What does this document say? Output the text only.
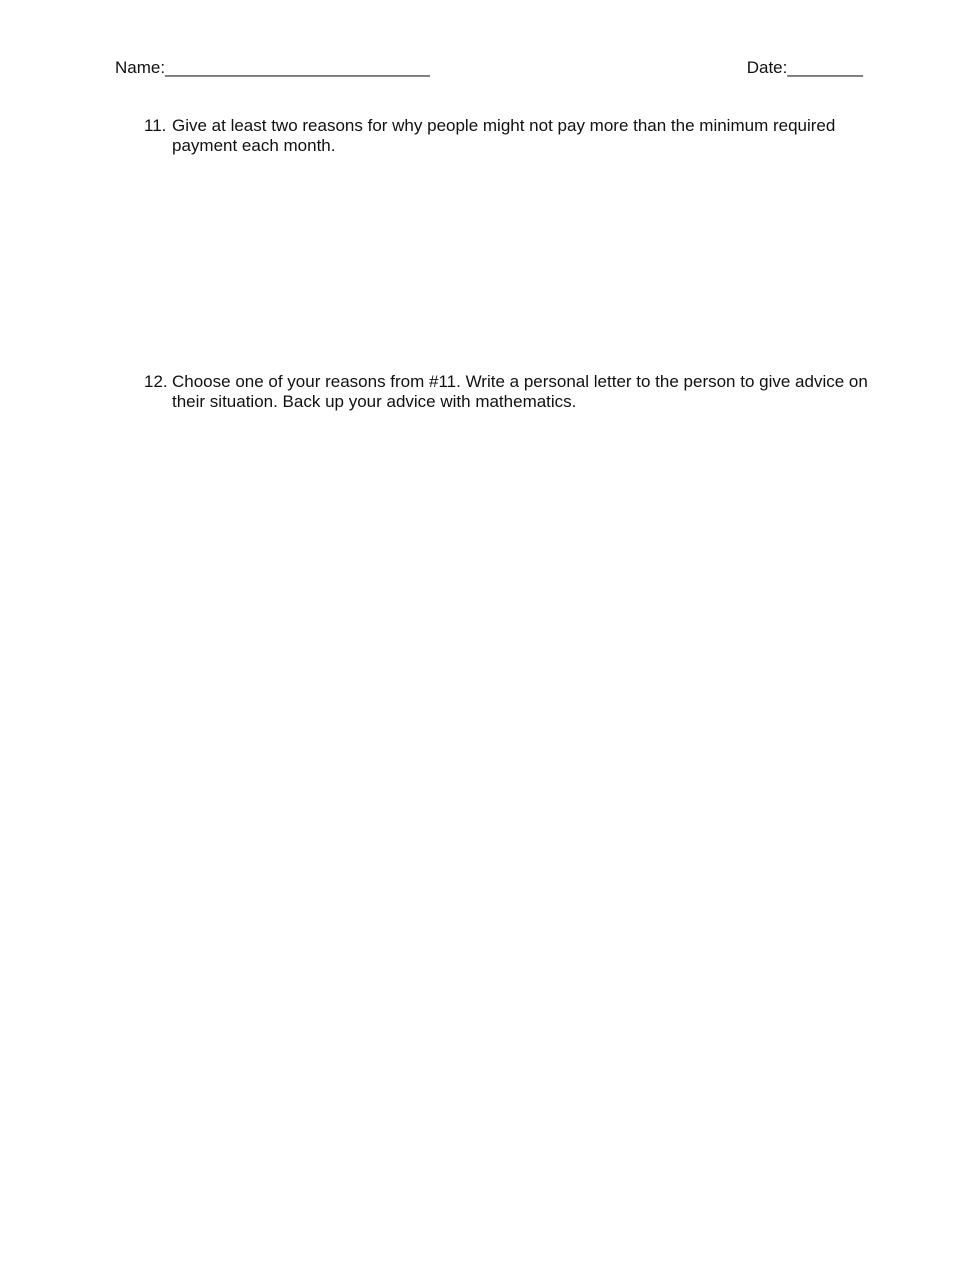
Name:____________________________	Date:________
11. Give at least two reasons for why people might not pay more than the minimum required payment each month.
12. Choose one of your reasons from #11. Write a personal letter to the person to give advice on their situation. Back up your advice with mathematics.
